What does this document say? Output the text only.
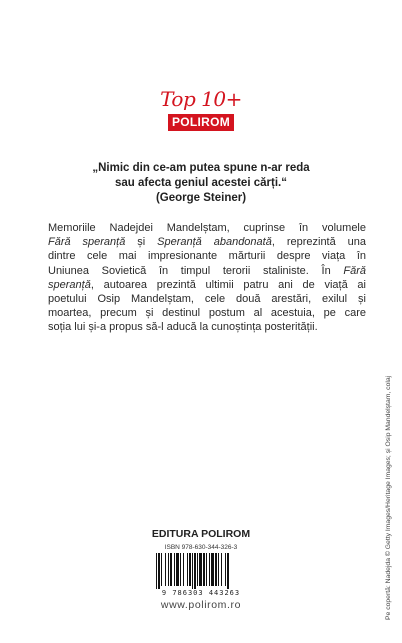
Top 10+
POLIROM
„Nimic din ce-am putea spune n-ar reda
sau afecta geniul acestei cărți.“
(George Steiner)
Memoriile Nadejdei Mandelștam, cuprinse în volumele
Fără speranță și Speranță abandonată, reprezintă una
dintre cele mai impresionante mărturii despre viața în
Uniunea Sovietică în timpul terorii staliniste. În Fără
speranță, autoarea prezintă ultimii patru ani de viață ai
poetului Osip Mandelștam, cele două arestări, exilul și
moartea, precum și destinul postum al acestuia, pe care
soția lui și-a propus să-l aducă la cunoștința posterității.
EDITURA POLIROM
ISBN 978-630-344-326-3
9 786303 443263
www.polirom.ro	Pe copertă: Nadejda © Getty Images/Heritage Images; și Osip Mandelștam, colaj
